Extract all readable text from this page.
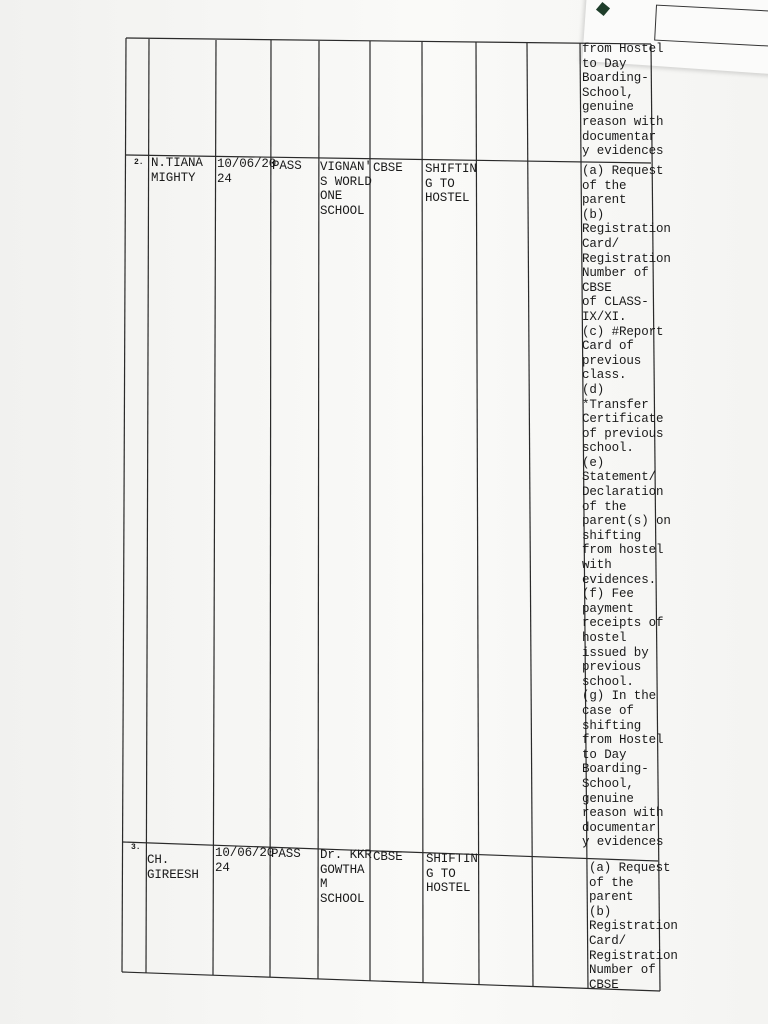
from Hostel
to Day
Boarding-
School,
genuine
reason with
documentar
y evidences
2. N.TIANA
MIGHTY
10/06/20
24
PASS VIGNAN'
S WORLD
ONE
SCHOOL
CBSE SHIFTIN
G TO
HOSTEL
(a) Request
of the
parent
(b)
Registration
Card/
Registration
Number of
CBSE
of CLASS-
IX/XI.
(c) #Report
Card of
previous
class.
(d)
*Transfer
Certificate
of previous
school.
(e)
Statement/
Declaration
of the
parent(s) on
shifting
from hostel
with
evidences.
(f) Fee
payment
receipts of
hostel
issued by
previous
school.
(g) In the
case of
shifting
from Hostel
to Day
Boarding-
School,
genuine
reason with
documentar
y evidences
3.
CH.
GIREESH
10/06/20
24
PASS Dr. KKR
GOWTHA
M
SCHOOL
CBSE SHIFTIN
G TO
HOSTEL
(a) Request
of the
parent
(b)
Registration
Card/
Registration
Number of
CBSE
